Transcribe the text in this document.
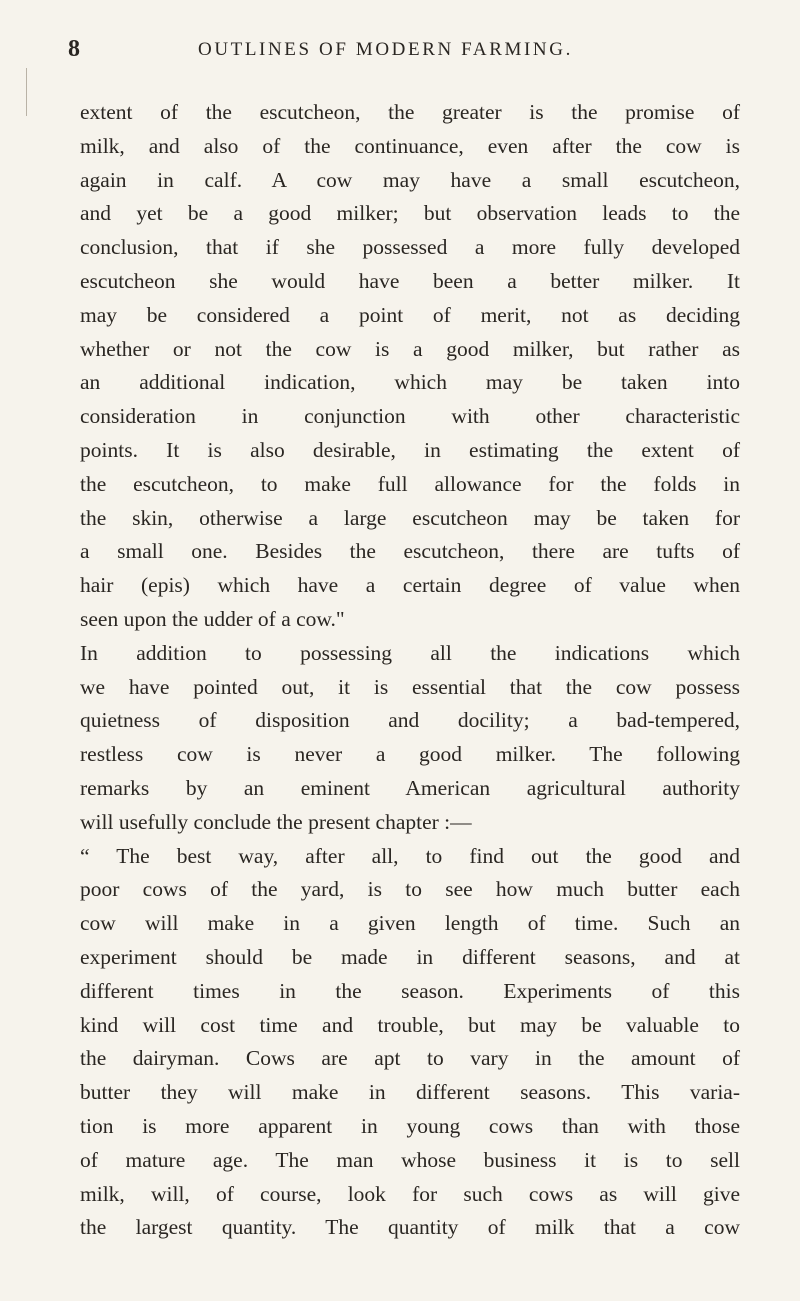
8	OUTLINES OF MODERN FARMING.
extent of the escutcheon, the greater is the promise of
milk, and also of the continuance, even after the cow is
again in calf. A cow may have a small escutcheon,
and yet be a good milker; but observation leads to the
conclusion, that if she possessed a more fully developed
escutcheon she would have been a better milker. It
may be considered a point of merit, not as deciding
whether or not the cow is a good milker, but rather as
an additional indication, which may be taken into
consideration in conjunction with other characteristic
points. It is also desirable, in estimating the extent of
the escutcheon, to make full allowance for the folds in
the skin, otherwise a large escutcheon may be taken for
a small one. Besides the escutcheon, there are tufts of
hair (epis) which have a certain degree of value when
seen upon the udder of a cow."
In addition to possessing all the indications which
we have pointed out, it is essential that the cow possess
quietness of disposition and docility; a bad-tempered,
restless cow is never a good milker. The following
remarks by an eminent American agricultural authority
will usefully conclude the present chapter :—
“ The best way, after all, to find out the good and
poor cows of the yard, is to see how much butter each
cow will make in a given length of time. Such an
experiment should be made in different seasons, and at
different times in the season. Experiments of this
kind will cost time and trouble, but may be valuable to
the dairyman. Cows are apt to vary in the amount of
butter they will make in different seasons. This varia-
tion is more apparent in young cows than with those
of mature age. The man whose business it is to sell
milk, will, of course, look for such cows as will give
the largest quantity. The quantity of milk that a cow
